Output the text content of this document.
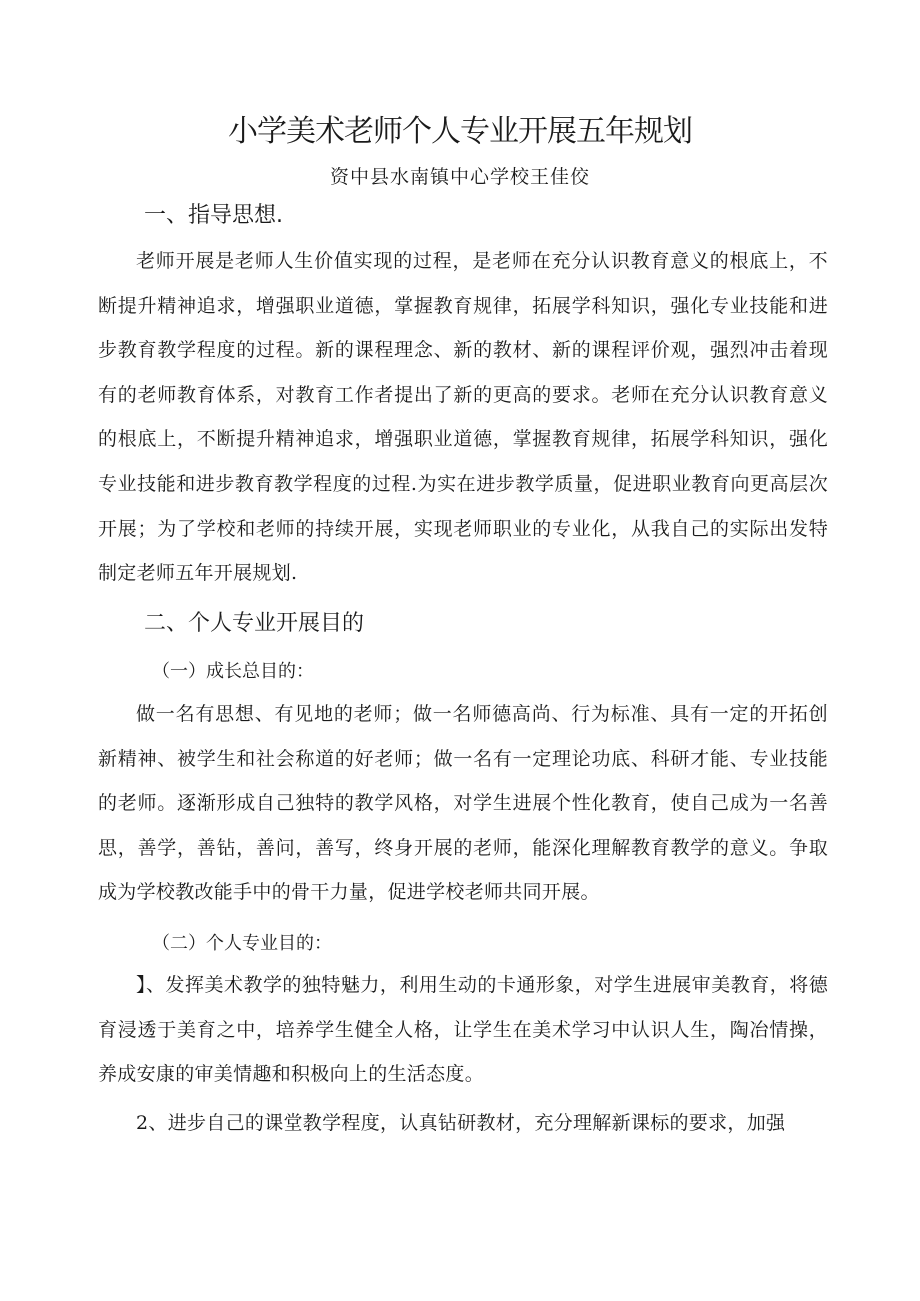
小学美术老师个人专业开展五年规划

资中县水南镇中心学校王佳佼

一、指导思想.

老师开展是老师人生价值实现的过程，是老师在充分认识教育意义的根底上，不断提升精神追求，增强职业道德，掌握教育规律，拓展学科知识，强化专业技能和进步教育教学程度的过程。新的课程理念、新的教材、新的课程评价观，强烈冲击着现有的老师教育体系，对教育工作者提出了新的更高的要求。老师在充分认识教育意义的根底上，不断提升精神追求，增强职业道德，掌握教育规律，拓展学科知识，强化专业技能和进步教育教学程度的过程.为实在进步教学质量，促进职业教育向更高层次开展；为了学校和老师的持续开展，实现老师职业的专业化，从我自己的实际出发特制定老师五年开展规划.

二、个人专业开展目的

（一）成长总目的：

做一名有思想、有见地的老师；做一名师德高尚、行为标准、具有一定的开拓创新精神、被学生和社会称道的好老师；做一名有一定理论功底、科研才能、专业技能的老师。逐渐形成自己独特的教学风格，对学生进展个性化教育，使自己成为一名善思，善学，善钻，善问，善写，终身开展的老师，能深化理解教育教学的意义。争取成为学校教改能手中的骨干力量，促进学校老师共同开展。

（二）个人专业目的：

】、发挥美术教学的独特魅力，利用生动的卡通形象，对学生进展审美教育，将德育浸透于美育之中，培养学生健全人格，让学生在美术学习中认识人生，陶冶情操，养成安康的审美情趣和积极向上的生活态度。

2、进步自己的课堂教学程度，认真钻研教材，充分理解新课标的要求，加强
